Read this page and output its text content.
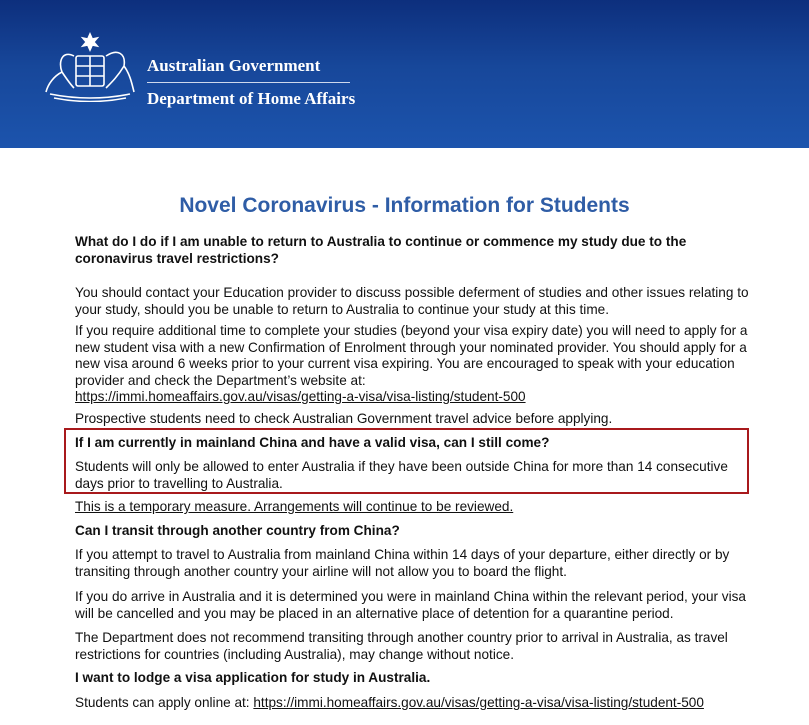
Australian Government
Department of Home Affairs
Novel Coronavirus - Information for Students
What do I do if I am unable to return to Australia to continue or commence my study due to the coronavirus travel restrictions?
You should contact your Education provider to discuss possible deferment of studies and other issues relating to your study, should you be unable to return to Australia to continue your study at this time.
If you require additional time to complete your studies (beyond your visa expiry date) you will need to apply for a new student visa with a new Confirmation of Enrolment through your nominated provider. You should apply for a new visa around 6 weeks prior to your current visa expiring. You are encouraged to speak with your education provider and check the Department’s website at:
https://immi.homeaffairs.gov.au/visas/getting-a-visa/visa-listing/student-500
Prospective students need to check Australian Government travel advice before applying.
If I am currently in mainland China and have a valid visa, can I still come?
Students will only be allowed to enter Australia if they have been outside China for more than 14 consecutive days prior to travelling to Australia.
This is a temporary measure. Arrangements will continue to be reviewed.
Can I transit through another country from China?
If you attempt to travel to Australia from mainland China within 14 days of your departure, either directly or by transiting through another country your airline will not allow you to board the flight.
If you do arrive in Australia and it is determined you were in mainland China within the relevant period, your visa will be cancelled and you may be placed in an alternative place of detention for a quarantine period.
The Department does not recommend transiting through another country prior to arrival in Australia, as travel restrictions for countries (including Australia), may change without notice.
I want to lodge a visa application for study in Australia.
Students can apply online at: https://immi.homeaffairs.gov.au/visas/getting-a-visa/visa-listing/student-500
